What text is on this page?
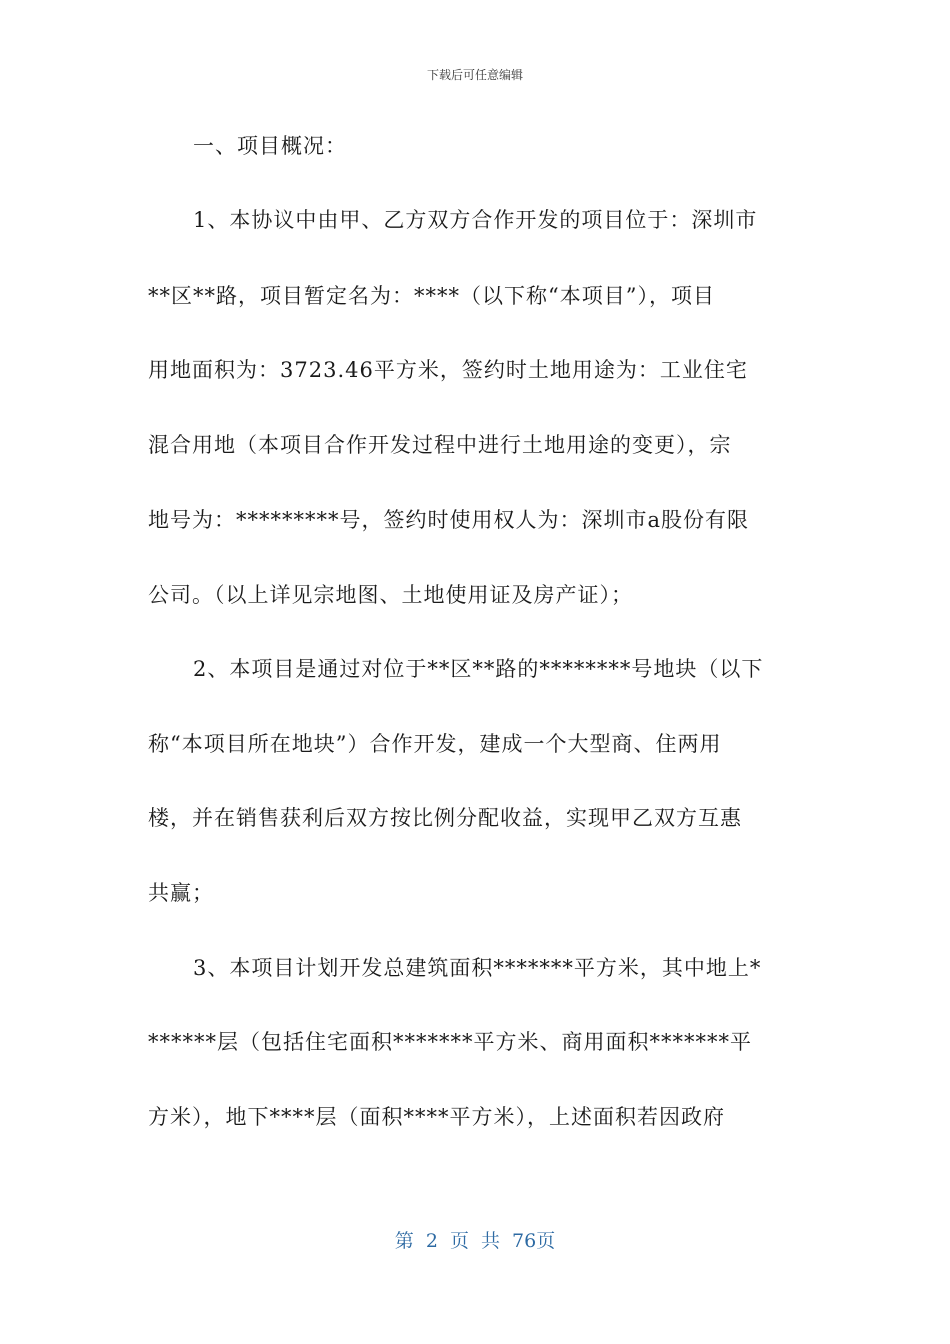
下载后可任意编辑
一、项目概况：
1、本协议中由甲、乙方双方合作开发的项目位于：深圳市
**区**路，项目暂定名为：****（以下称“本项目”），项目
用地面积为：3723.46平方米，签约时土地用途为：工业住宅
混合用地（本项目合作开发过程中进行土地用途的变更），宗
地号为：*********号，签约时使用权人为：深圳市a股份有限
公司。（以上详见宗地图、土地使用证及房产证）；
2、本项目是通过对位于**区**路的********号地块（以下
称“本项目所在地块”）合作开发，建成一个大型商、住两用
楼，并在销售获利后双方按比例分配收益，实现甲乙双方互惠
共赢；
3、本项目计划开发总建筑面积*******平方米，其中地上*
******层（包括住宅面积*******平方米、商用面积*******平
方米），地下****层（面积****平方米），上述面积若因政府
第 2 页 共 76页
